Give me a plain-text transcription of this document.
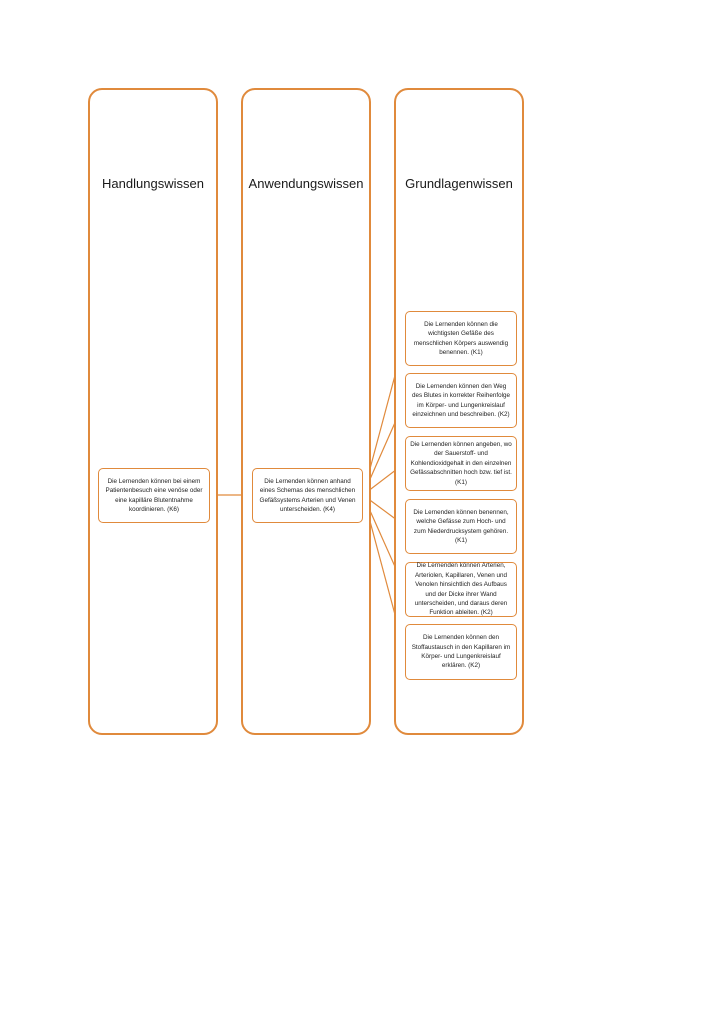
Handlungswissen	Anwendungswissen	Grundlagenwissen
Die Lernenden können bei einem Patientenbesuch eine venöse oder eine kapilläre Blutentnahme koordinieren. (K6)
Die Lernenden können anhand eines Schemas des menschlichen Gefäßsystems Arterien und Venen unterscheiden. (K4)
Die Lernenden können die wichtigsten Gefäße des menschlichen Körpers auswendig benennen. (K1)
Die Lernenden können den Weg des Blutes in korrekter Reihenfolge im Körper- und Lungenkreislauf einzeichnen und beschreiben. (K2)
Die Lernenden können angeben, wo der Sauerstoff- und Kohlendioxidgehalt in den einzelnen Gefässabschnitten hoch bzw. tief ist. (K1)
Die Lernenden können benennen, welche Gefässe zum Hoch- und zum Niederdrucksystem gehören. (K1)
Die Lernenden können Arterien, Arteriolen, Kapillaren, Venen und Venolen hinsichtlich des Aufbaus und der Dicke ihrer Wand unterscheiden, und daraus deren Funktion ableiten. (K2)
Die Lernenden können den Stoffaustausch in den Kapillaren im Körper- und Lungenkreislauf erklären. (K2)
